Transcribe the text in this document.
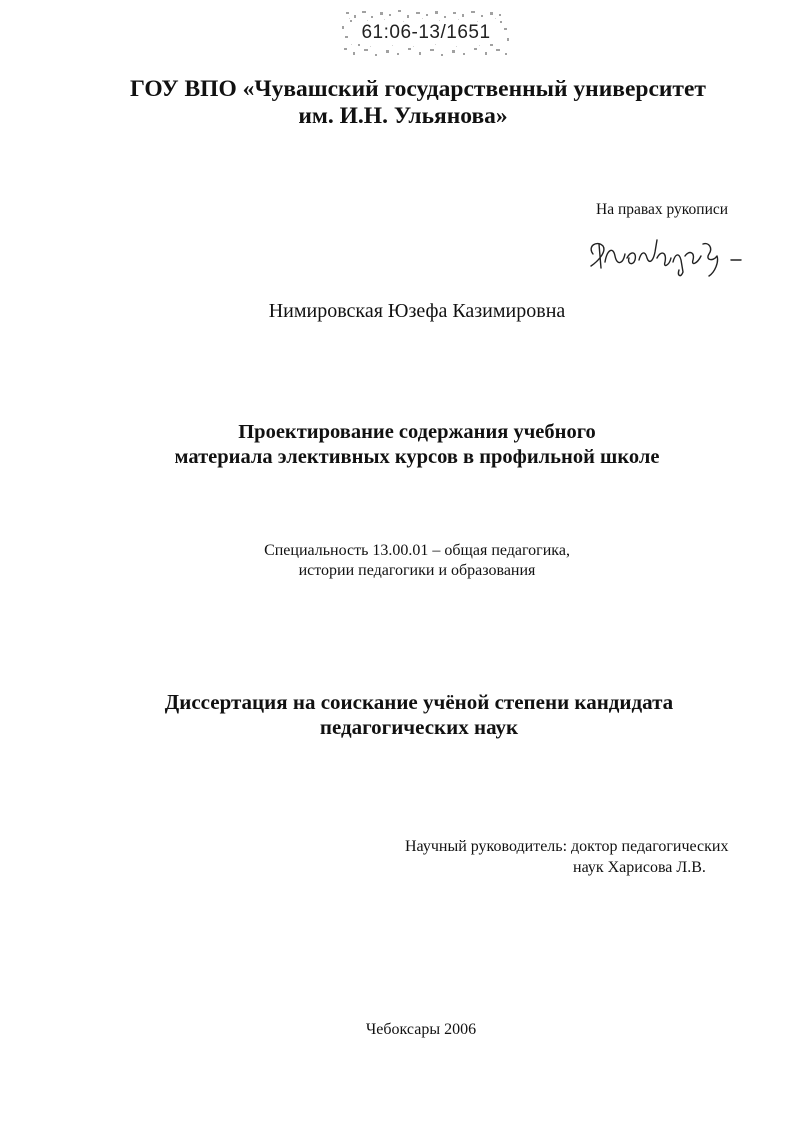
61:06-13/1651
ГОУ ВПО «Чувашский государственный университет
им. И.Н. Ульянова»
На правах рукописи
Нимировская Юзефа Казимировна
Проектирование содержания учебного
материала элективных курсов в профильной школе
Специальность 13.00.01 – общая педагогика,
истории педагогики и образования
Диссертация на соискание учёной степени кандидата
педагогических наук
Научный руководитель: доктор педагогических
наук Харисова Л.В.
Чебоксары 2006
